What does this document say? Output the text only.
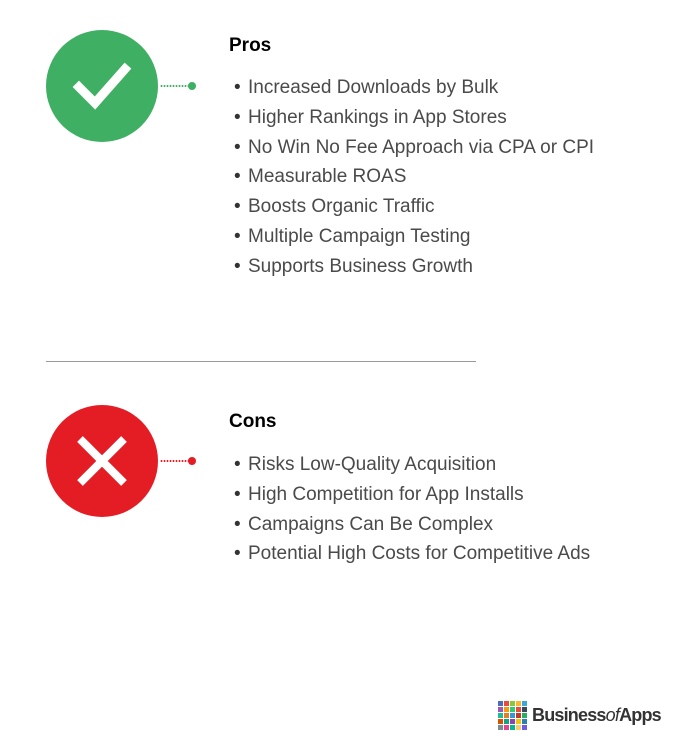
Pros
• Increased Downloads by Bulk
• Higher Rankings in App Stores
• No Win No Fee Approach via CPA or CPI
• Measurable ROAS
• Boosts Organic Traffic
• Multiple Campaign Testing
• Supports Business Growth
Cons
• Risks Low-Quality Acquisition
• High Competition for App Installs
• Campaigns Can Be Complex
• Potential High Costs for Competitive Ads
BusinessofApps
